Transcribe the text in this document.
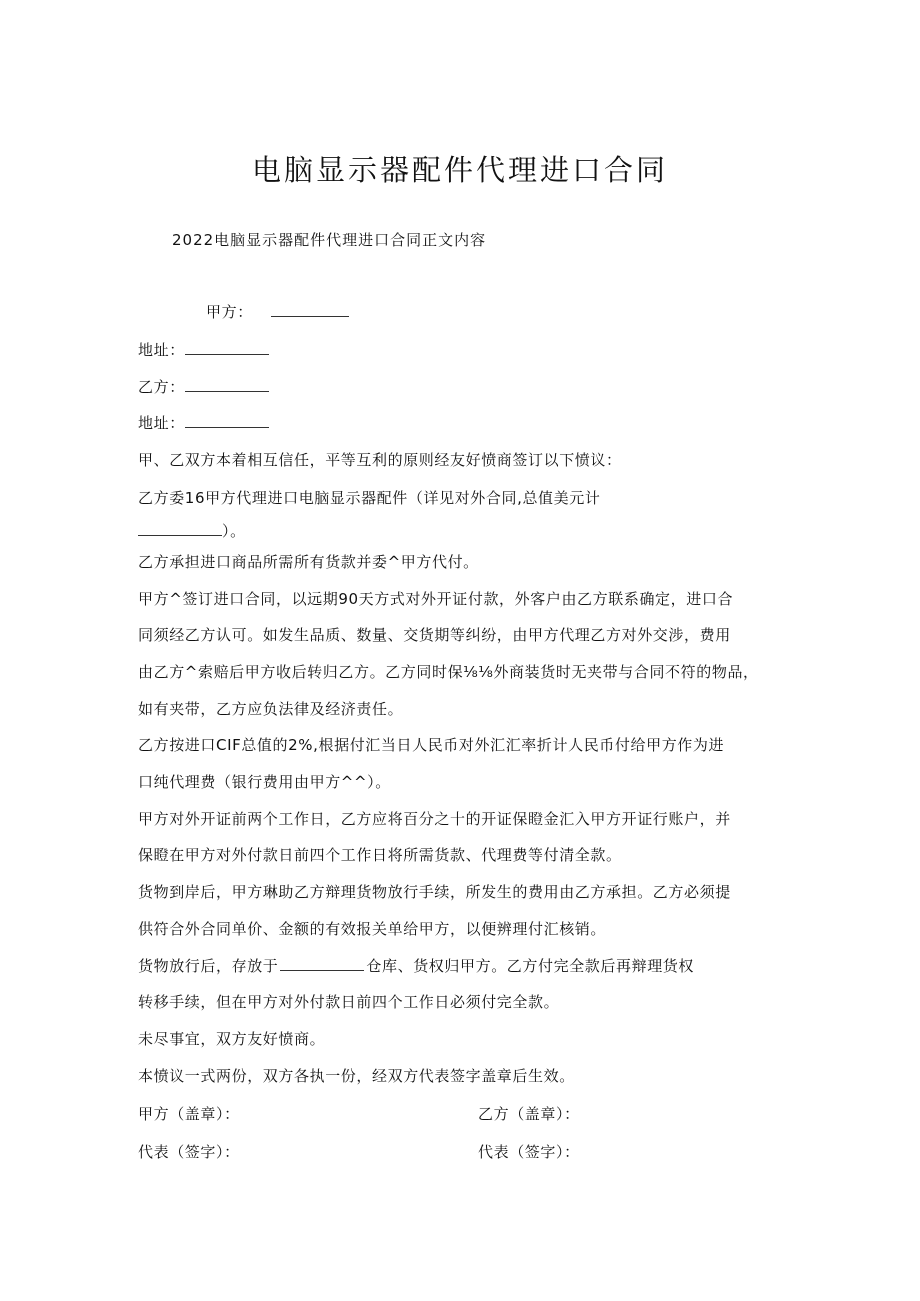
电脑显示器配件代理进口合同
2022电脑显示器配件代理进口合同正文内容
甲方：
地址：
乙方：
地址：
甲、乙双方本着相互信任，平等互利的原则经友好愤商签订以下愤议：
乙方委16甲方代理进口电脑显示器配件（详见对外合同,总值美元计
）。
乙方承担进口商品所需所有货款并委^甲方代付。
甲方^签订进口合同，以远期90天方式对外开证付款，外客户由乙方联系确定，进口合
同须经乙方认可。如发生品质、数量、交货期等纠纷，由甲方代理乙方对外交涉，费用
由乙方^索赔后甲方收后转归乙方。乙方同时保⅛⅛外商装货时无夹带与合同不符的物品，
如有夹带，乙方应负法律及经济责任。
乙方按进口CIF总值的2%,根据付汇当日人民币对外汇汇率折计人民币付给甲方作为进
口纯代理费（银行费用由甲方^^）。
甲方对外开证前两个工作日，乙方应将百分之十的开证保瞪金汇入甲方开证行账户，并
保瞪在甲方对外付款日前四个工作日将所需货款、代理费等付清全款。
货物到岸后，甲方琳助乙方辩理货物放行手续，所发生的费用由乙方承担。乙方必须提
供符合外合同单价、金额的有效报关单给甲方，以便辨理付汇核销。
货物放行后，存放于	仓库、货权归甲方。乙方付完全款后再辩理货权
转移手续，但在甲方对外付款日前四个工作日必须付完全款。
未尽事宜，双方友好愤商。
本愤议一式两份，双方各执一份，经双方代表签字盖章后生效。
甲方（盖章）：	乙方（盖章）：
代表（签字）：	代表（签字）：
